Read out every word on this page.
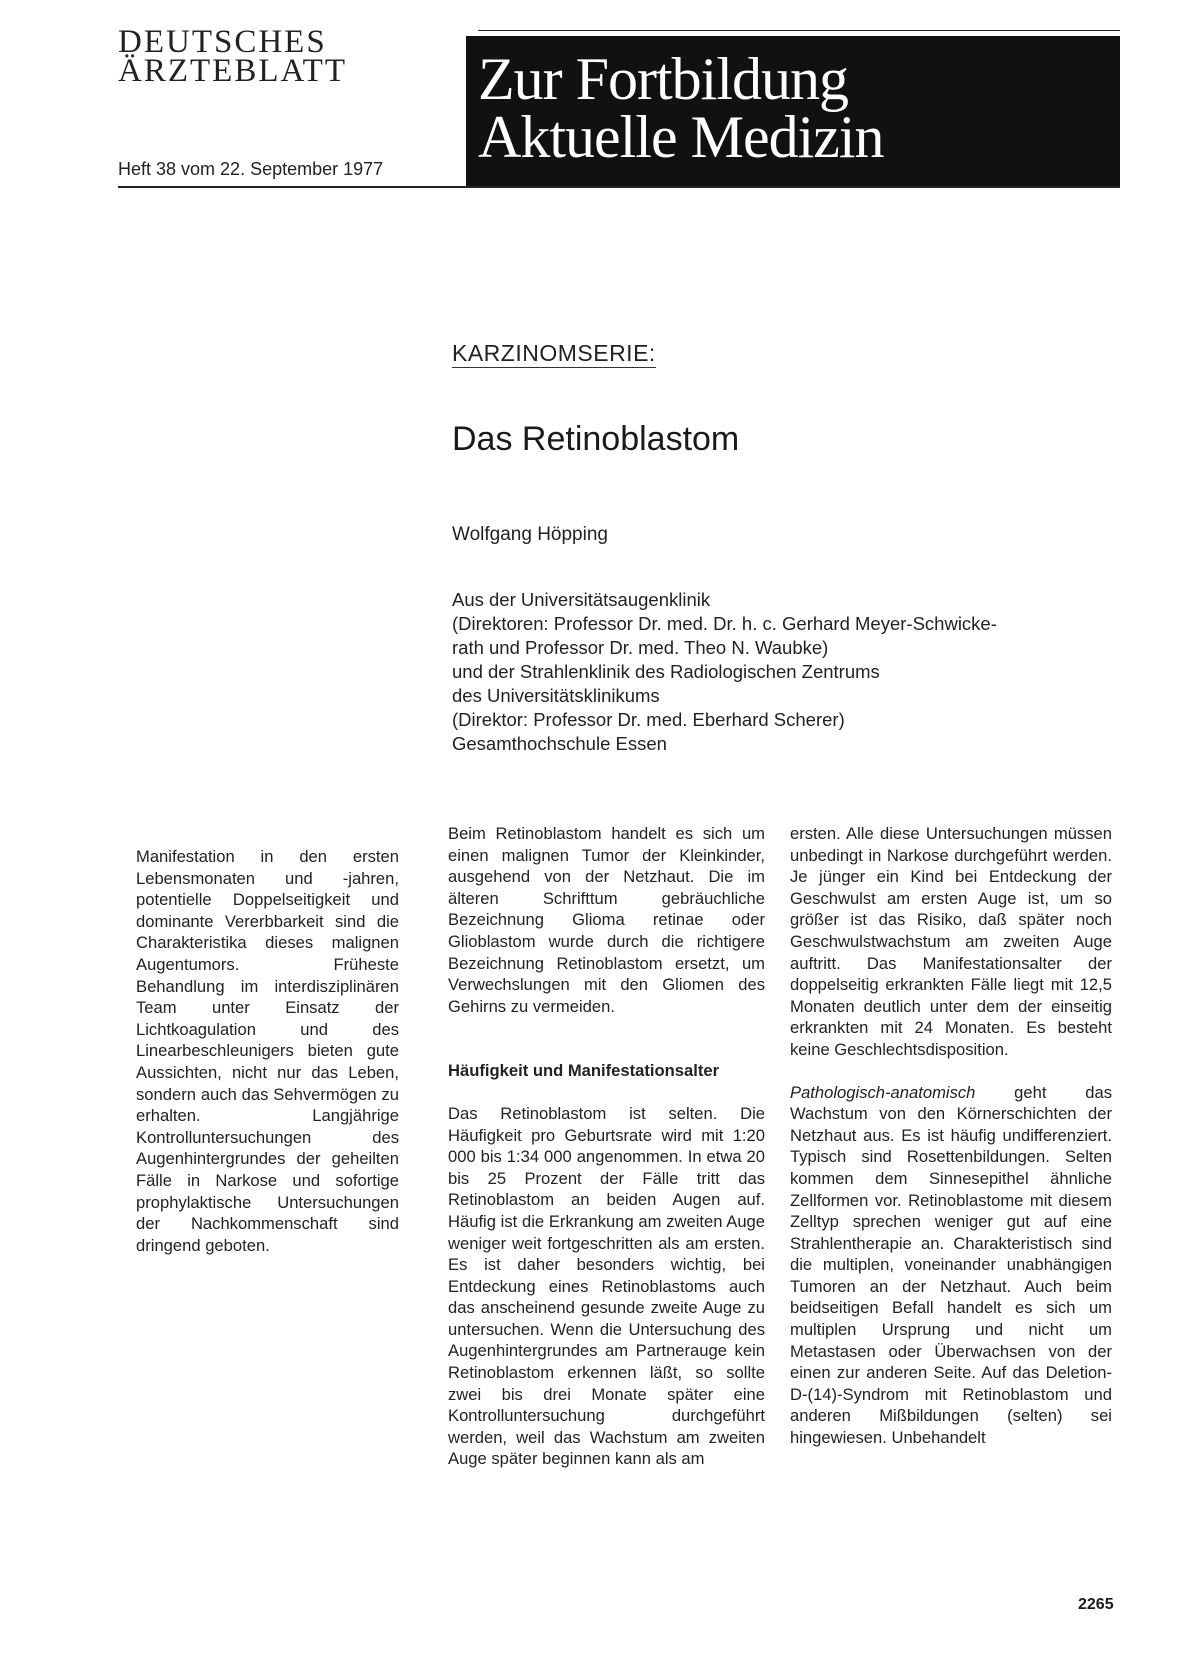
DEUTSCHES
ÄRZTEBLATT
Heft 38 vom 22. September 1977
Zur Fortbildung
Aktuelle Medizin
KARZINOMSERIE:
Das Retinoblastom
Wolfgang Höpping
Aus der Universitätsaugenklinik
(Direktoren: Professor Dr. med. Dr. h. c. Gerhard Meyer-Schwicke-
rath und Professor Dr. med. Theo N. Waubke)
und der Strahlenklinik des Radiologischen Zentrums
des Universitätsklinikums
(Direktor: Professor Dr. med. Eberhard Scherer)
Gesamthochschule Essen

Manifestation in den ersten Lebensmonaten und -jahren, potentielle Doppelseitigkeit und dominante Vererbbarkeit sind die Charakteristika dieses malignen Augentumors. Früheste Behandlung im interdisziplinären Team unter Einsatz der Lichtkoagulation und des Linearbeschleunigers bieten gute Aussichten, nicht nur das Leben, sondern auch das Sehvermögen zu erhalten. Langjährige Kontrolluntersuchungen des Augenhintergrundes der geheilten Fälle in Narkose und sofortige prophylaktische Untersuchungen der Nachkommenschaft sind dringend geboten.

Beim Retinoblastom handelt es sich um einen malignen Tumor der Kleinkinder, ausgehend von der Netzhaut. Die im älteren Schrifttum gebräuchliche Bezeichnung Glioma retinae oder Glioblastom wurde durch die richtigere Bezeichnung Retinoblastom ersetzt, um Verwechslungen mit den Gliomen des Gehirns zu vermeiden.

Häufigkeit und Manifestationsalter

Das Retinoblastom ist selten. Die Häufigkeit pro Geburtsrate wird mit 1:20 000 bis 1:34 000 angenommen. In etwa 20 bis 25 Prozent der Fälle tritt das Retinoblastom an beiden Augen auf. Häufig ist die Erkrankung am zweiten Auge weniger weit fortgeschritten als am ersten. Es ist daher besonders wichtig, bei Entdeckung eines Retinoblastoms auch das anscheinend gesunde zweite Auge zu untersuchen. Wenn die Untersuchung des Augenhintergrundes am Partnerauge kein Retinoblastom erkennen läßt, so sollte zwei bis drei Monate später eine Kontrolluntersuchung durchgeführt werden, weil das Wachstum am zweiten Auge später beginnen kann als am

ersten. Alle diese Untersuchungen müssen unbedingt in Narkose durchgeführt werden. Je jünger ein Kind bei Entdeckung der Geschwulst am ersten Auge ist, um so größer ist das Risiko, daß später noch Geschwulstwachstum am zweiten Auge auftritt. Das Manifestationsalter der doppelseitig erkrankten Fälle liegt mit 12,5 Monaten deutlich unter dem der einseitig erkrankten mit 24 Monaten. Es besteht keine Geschlechtsdisposition.

Pathologisch-anatomisch geht das Wachstum von den Körnerschichten der Netzhaut aus. Es ist häufig undifferenziert. Typisch sind Rosettenbildungen. Selten kommen dem Sinnesepithel ähnliche Zellformen vor. Retinoblastome mit diesem Zelltyp sprechen weniger gut auf eine Strahlentherapie an. Charakteristisch sind die multiplen, voneinander unabhängigen Tumoren an der Netzhaut. Auch beim beidseitigen Befall handelt es sich um multiplen Ursprung und nicht um Metastasen oder Überwachsen von der einen zur anderen Seite. Auf das Deletion-D-(14)-Syndrom mit Retinoblastom und anderen Mißbildungen (selten) sei hingewiesen. Unbehandelt

2265
